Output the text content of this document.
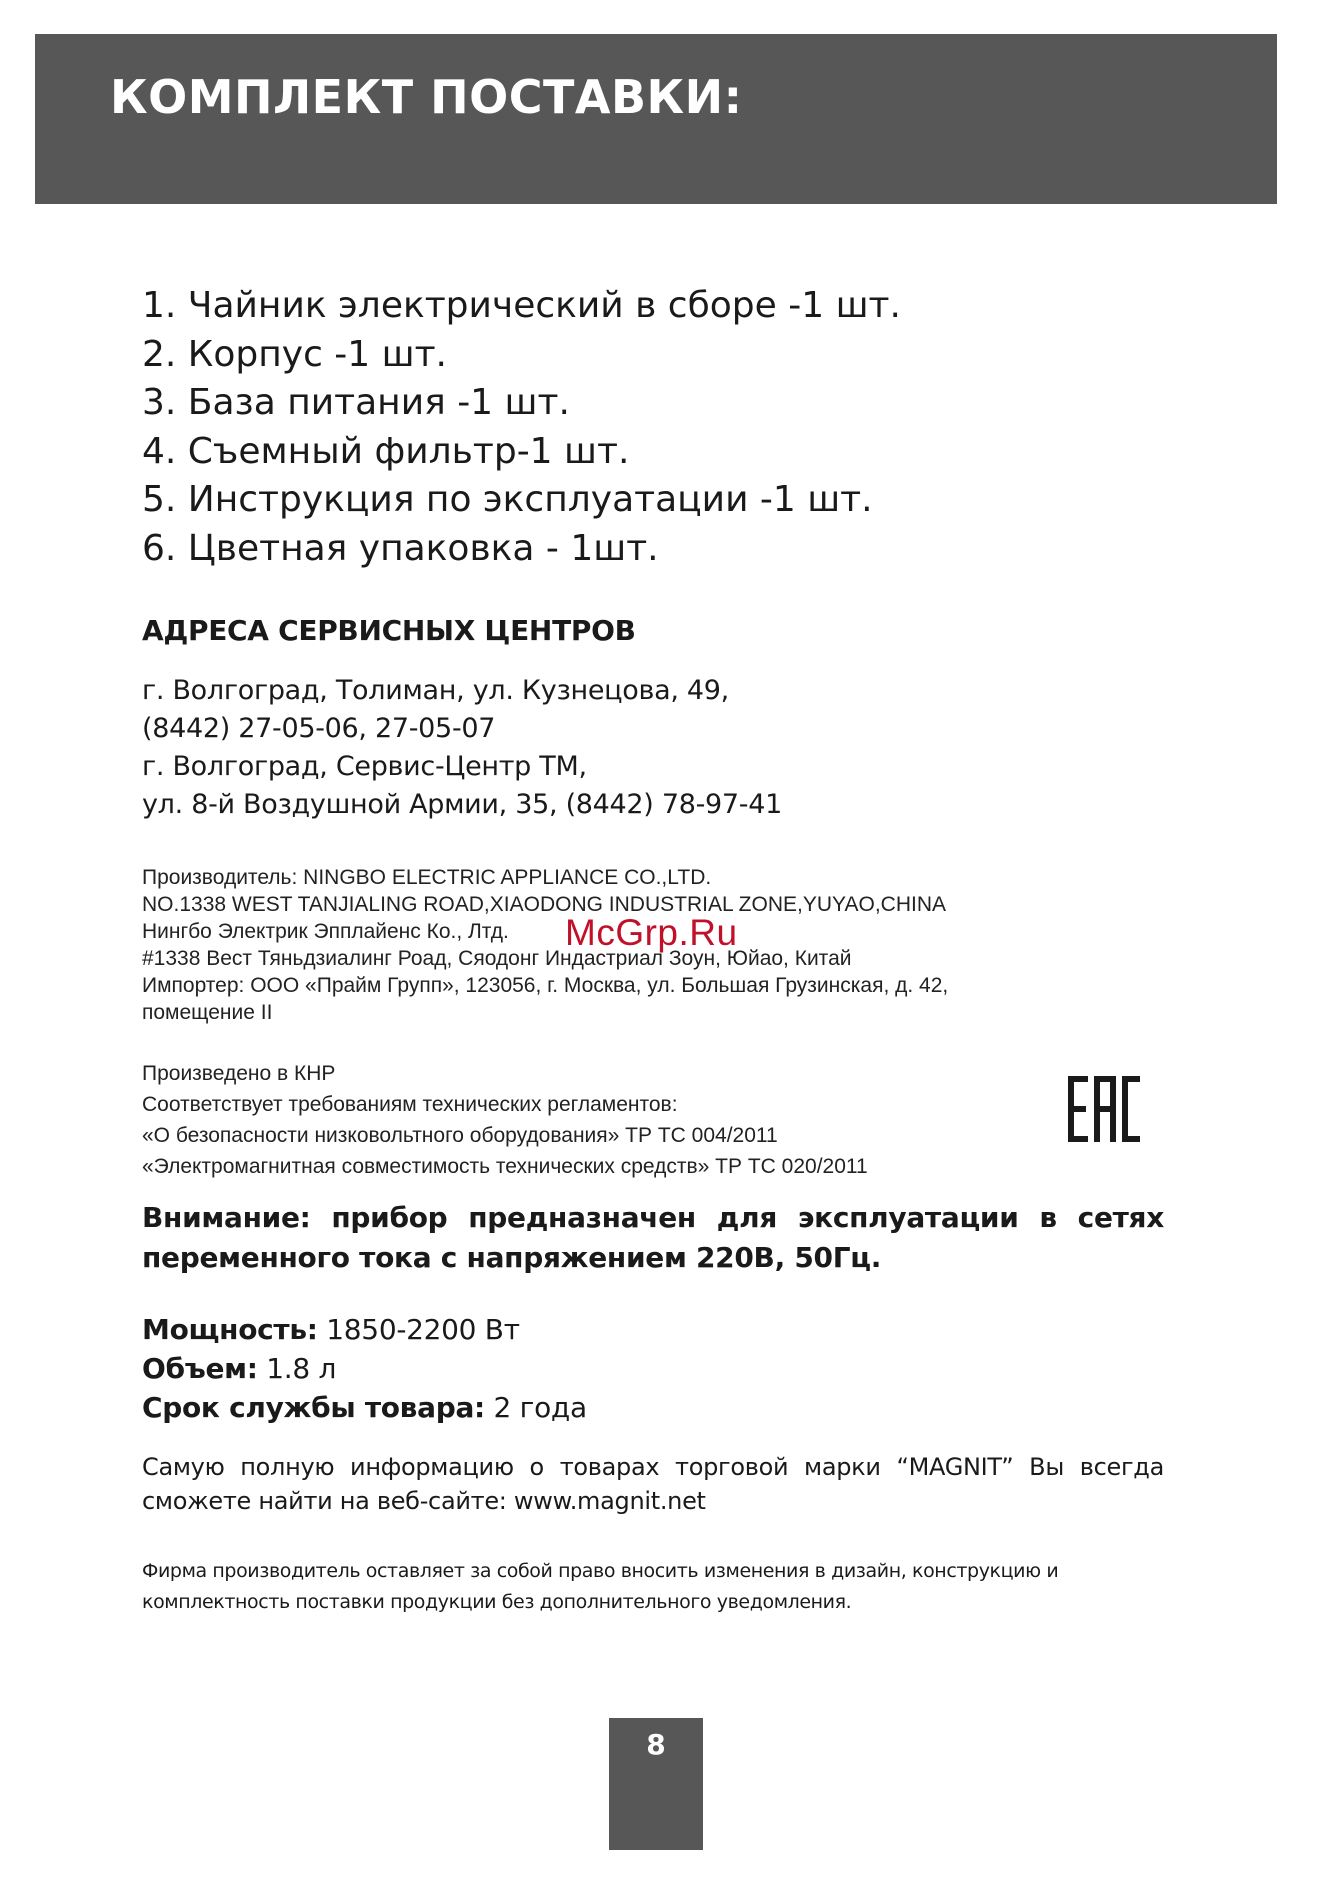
КОМПЛЕКТ ПОСТАВКИ:
1. Чайник электрический в сборе -1 шт.
2. Корпус -1 шт.
3. База питания -1 шт.
4. Съемный фильтр-1 шт.
5. Инструкция по эксплуатации -1 шт.
6. Цветная упаковка - 1шт.
АДРЕСА СЕРВИСНЫХ ЦЕНТРОВ
г. Волгоград, Толиман, ул. Кузнецова, 49,
(8442) 27-05-06, 27-05-07
г. Волгоград, Сервис-Центр ТМ,
ул. 8-й Воздушной Армии, 35, (8442) 78-97-41
Производитель: NINGBO ELECTRIC APPLIANCE CO.,LTD.
NO.1338 WEST TANJIALING ROAD,XIAODONG INDUSTRIAL ZONE,YUYAO,CHINA
Нингбо Электрик Эпплайенс Ко., Лтд.
#1338 Вест Тяньдзиалинг Роад, Сяодонг Индастриал Зоун, Юйао, Китай
Импортер: ООО «Прайм Групп», 123056, г. Москва, ул. Большая Грузинская, д. 42,
помещение II
McGrp.Ru
Произведено в КНР
Соответствует требованиям технических регламентов:
«О безопасности низковольтного оборудования» ТР ТС 004/2011
«Электромагнитная совместимость технических средств» ТР ТС 020/2011
Внимание: прибор предназначен для эксплуатации в сетях переменного тока с напряжением 220В, 50Гц.
Мощность: 1850-2200 Вт
Объем: 1.8 л
Срок службы товара: 2 года
Самую полную информацию о товарах торговой марки “MAGNIT” Вы всегда сможете найти на веб-сайте: www.magnit.net
Фирма производитель оставляет за собой право вносить изменения в дизайн, конструкцию и комплектность поставки продукции без дополнительного уведомления.
8
